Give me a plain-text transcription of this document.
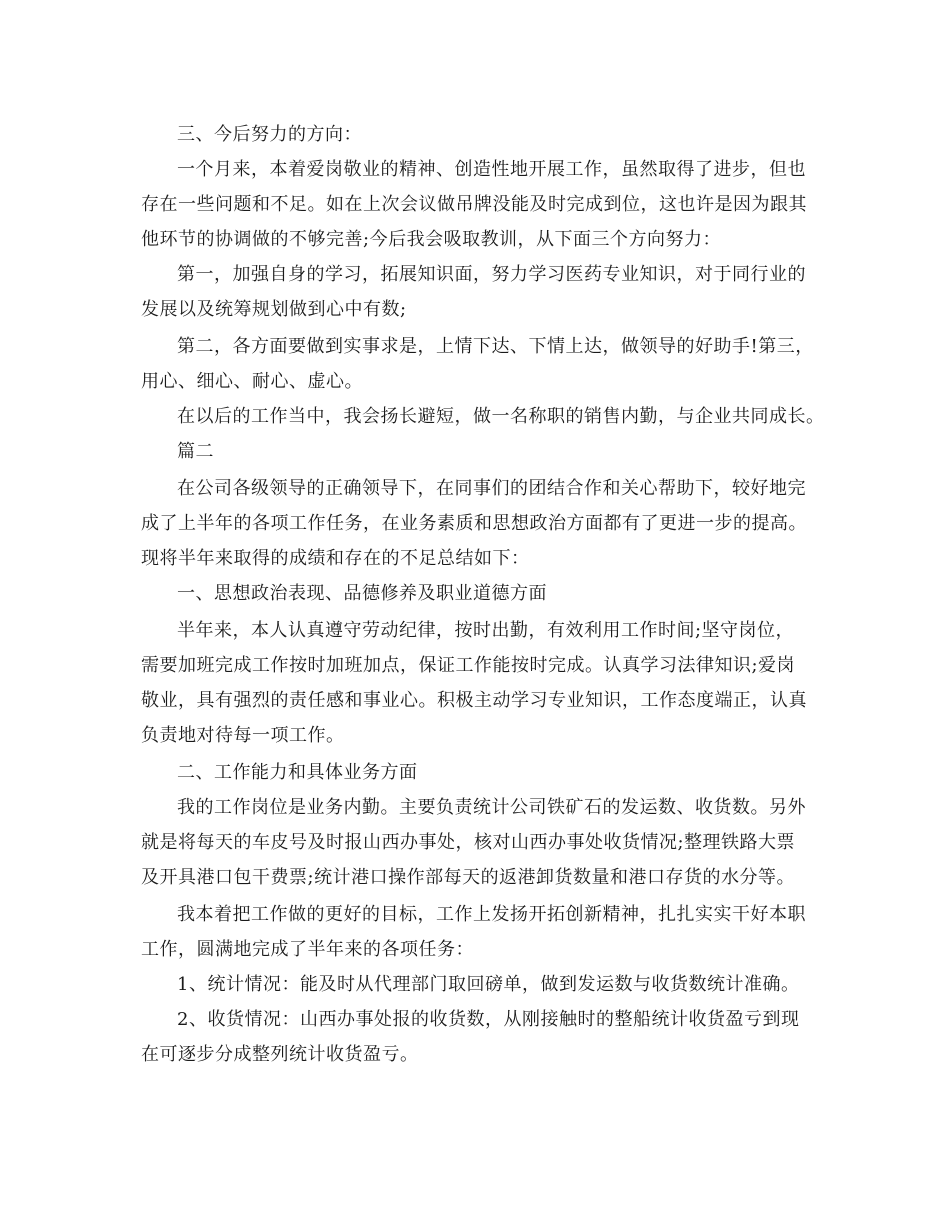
三、今后努力的方向：
一个月来，本着爱岗敬业的精神、创造性地开展工作，虽然取得了进步，但也
存在一些问题和不足。如在上次会议做吊牌没能及时完成到位，这也许是因为跟其
他环节的协调做的不够完善;今后我会吸取教训，从下面三个方向努力：
第一，加强自身的学习，拓展知识面，努力学习医药专业知识，对于同行业的
发展以及统筹规划做到心中有数;
第二，各方面要做到实事求是，上情下达、下情上达，做领导的好助手!第三，
用心、细心、耐心、虚心。
在以后的工作当中，我会扬长避短，做一名称职的销售内勤，与企业共同成长。
篇二
在公司各级领导的正确领导下，在同事们的团结合作和关心帮助下，较好地完
成了上半年的各项工作任务，在业务素质和思想政治方面都有了更进一步的提高。
现将半年来取得的成绩和存在的不足总结如下：
一、思想政治表现、品德修养及职业道德方面
半年来，本人认真遵守劳动纪律，按时出勤，有效利用工作时间;坚守岗位，
需要加班完成工作按时加班加点，保证工作能按时完成。认真学习法律知识;爱岗
敬业，具有强烈的责任感和事业心。积极主动学习专业知识，工作态度端正，认真
负责地对待每一项工作。
二、工作能力和具体业务方面
我的工作岗位是业务内勤。主要负责统计公司铁矿石的发运数、收货数。另外
就是将每天的车皮号及时报山西办事处，核对山西办事处收货情况;整理铁路大票
及开具港口包干费票;统计港口操作部每天的返港卸货数量和港口存货的水分等。
我本着把工作做的更好的目标，工作上发扬开拓创新精神，扎扎实实干好本职
工作，圆满地完成了半年来的各项任务：
1、统计情况：能及时从代理部门取回磅单，做到发运数与收货数统计准确。
2、收货情况：山西办事处报的收货数，从刚接触时的整船统计收货盈亏到现
在可逐步分成整列统计收货盈亏。
